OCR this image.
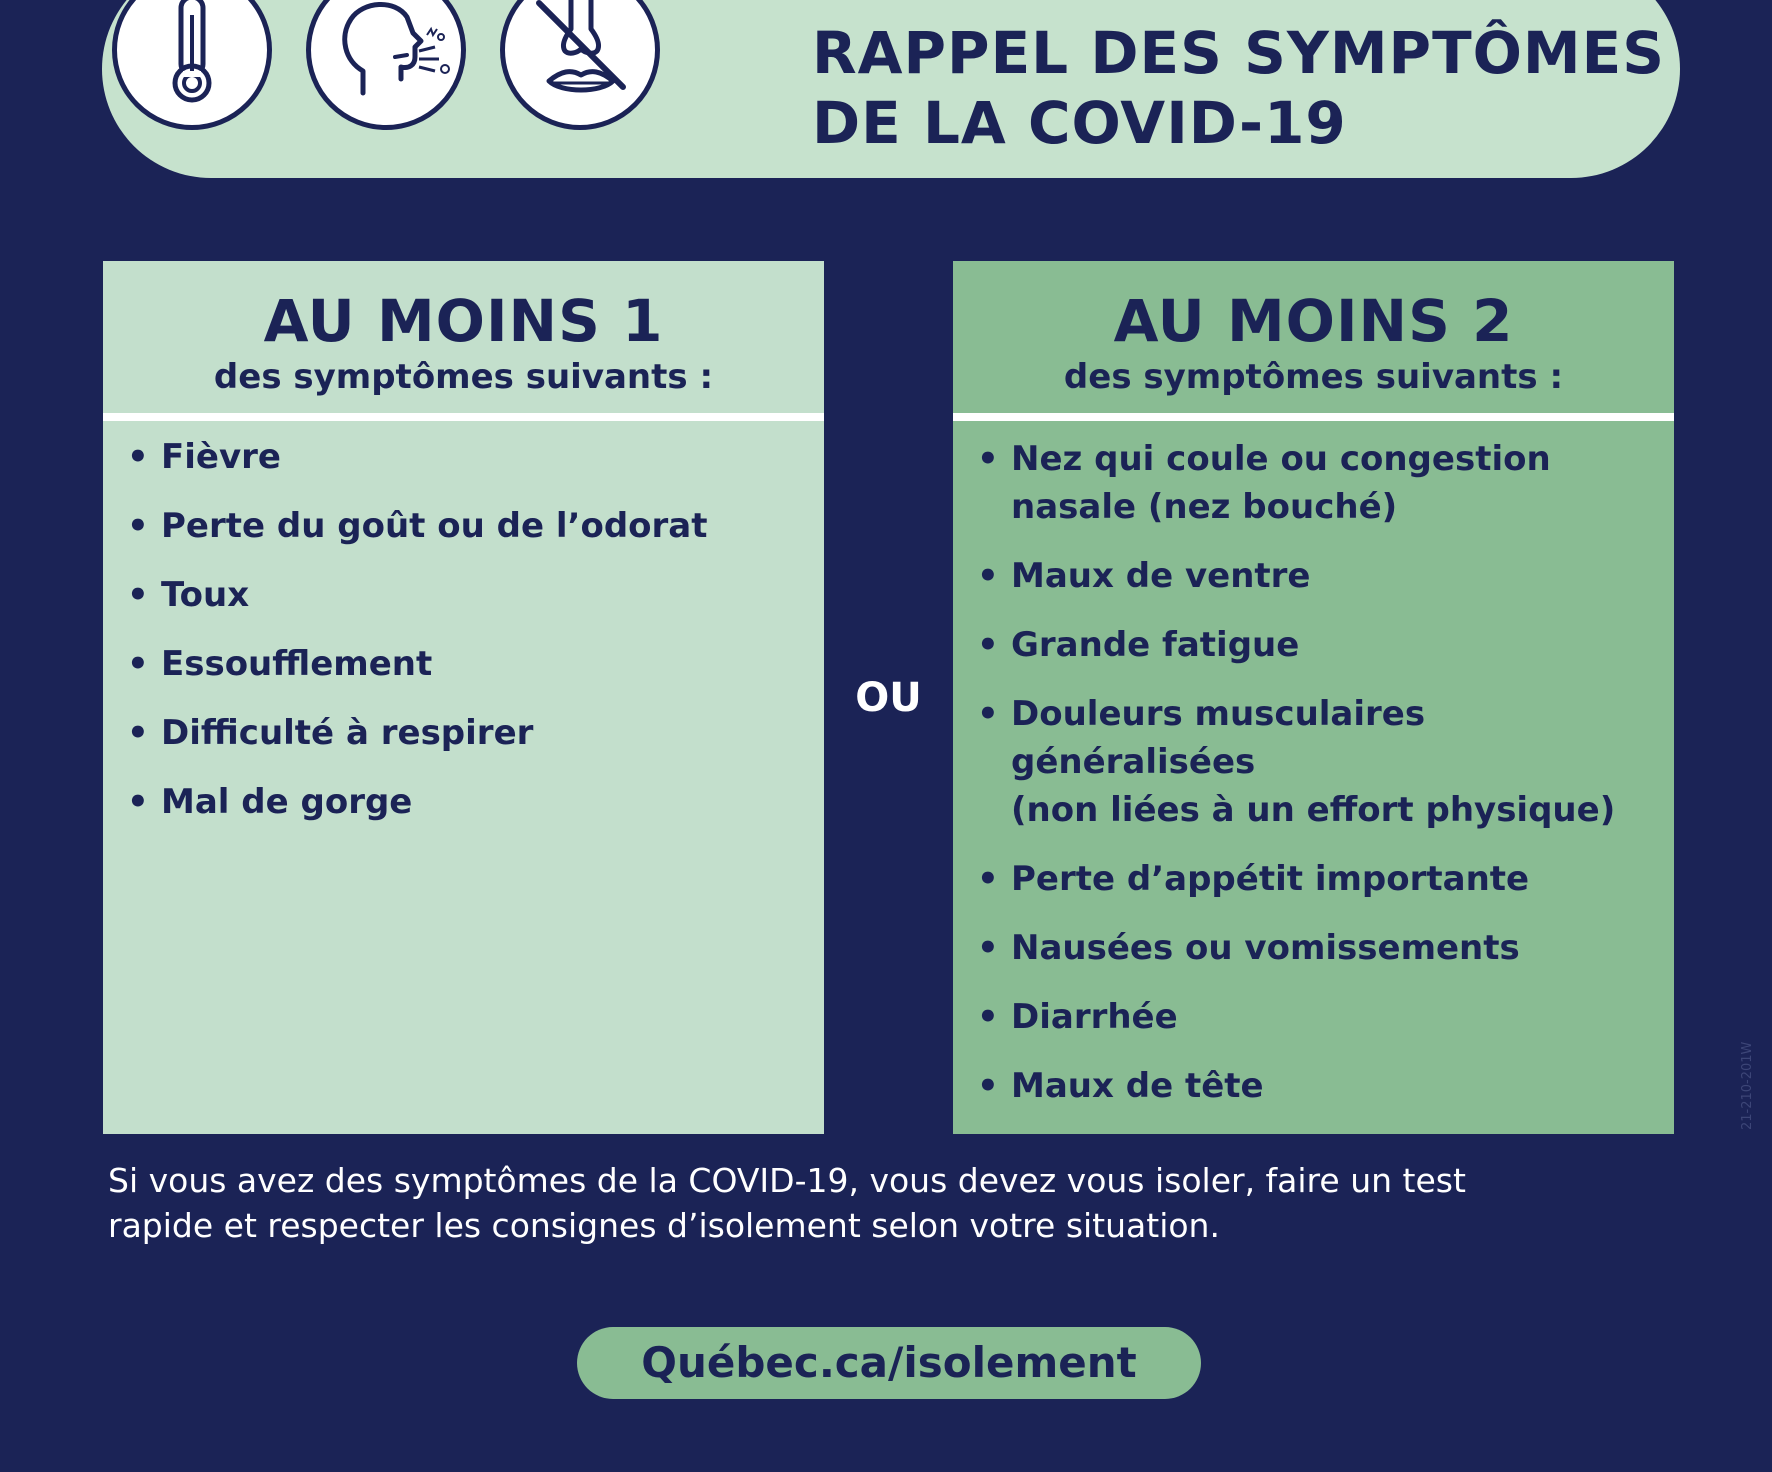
RAPPEL DES SYMPTÔMES
DE LA COVID-19
AU MOINS 1
des symptômes suivants :
• Fièvre
• Perte du goût ou de l’odorat
• Toux
• Essoufflement
• Difficulté à respirer
• Mal de gorge
OU
AU MOINS 2
des symptômes suivants :
• Nez qui coule ou congestion
nasale (nez bouché)
• Maux de ventre
• Grande fatigue
• Douleurs musculaires
généralisées
(non liées à un effort physique)
• Perte d’appétit importante
• Nausées ou vomissements
• Diarrhée
• Maux de tête
Si vous avez des symptômes de la COVID-19, vous devez vous isoler, faire un test
rapide et respecter les consignes d’isolement selon votre situation.
Québec.ca/isolement
21-210-201W
